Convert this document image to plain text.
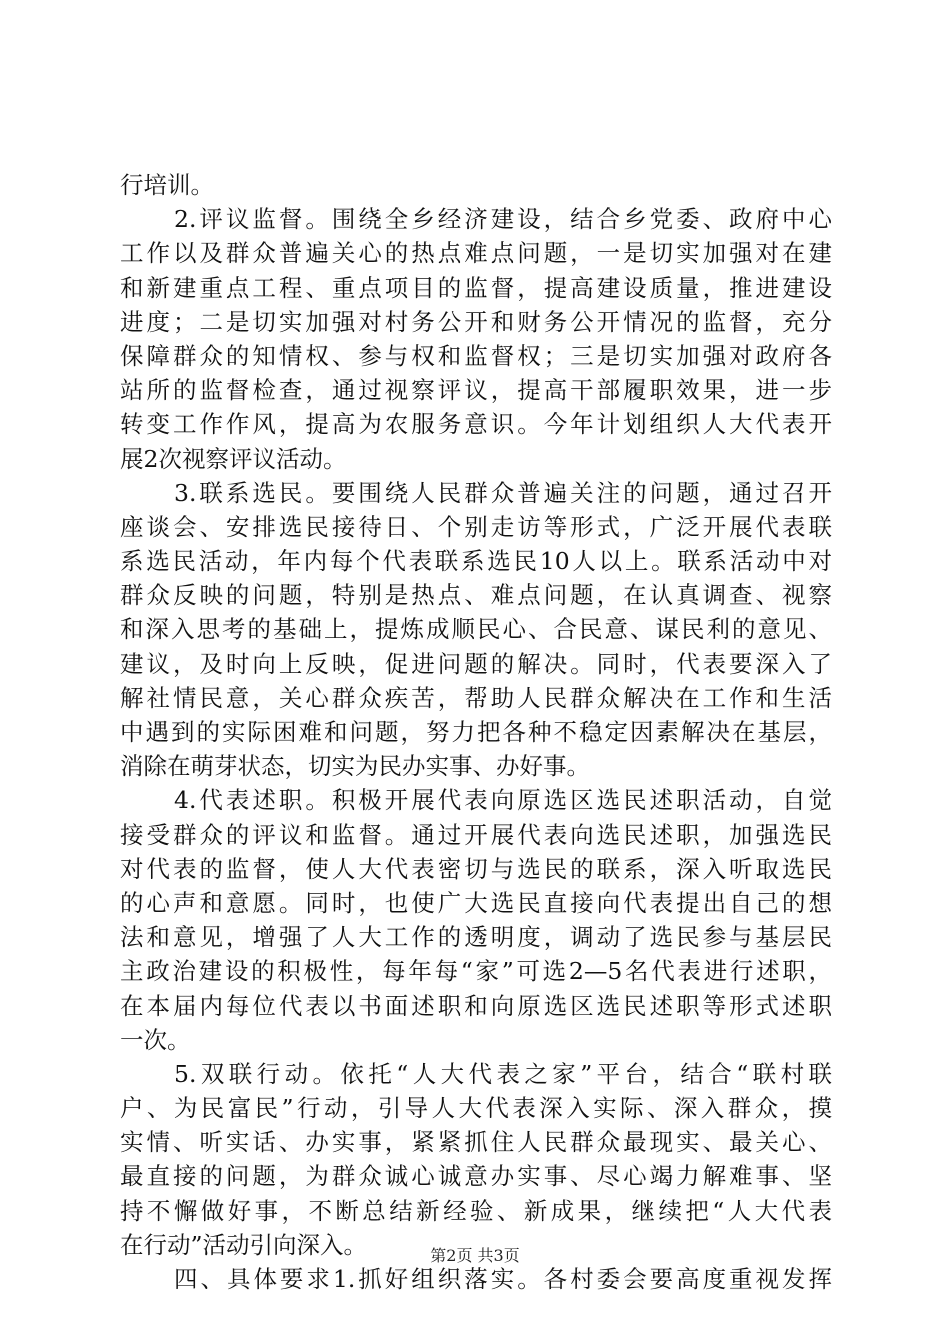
行培训。
2.评议监督。围绕全乡经济建设，结合乡党委、政府中心
工作以及群众普遍关心的热点难点问题，一是切实加强对在建
和新建重点工程、重点项目的监督，提高建设质量，推进建设
进度；二是切实加强对村务公开和财务公开情况的监督，充分
保障群众的知情权、参与权和监督权；三是切实加强对政府各
站所的监督检查，通过视察评议，提高干部履职效果，进一步
转变工作作风，提高为农服务意识。今年计划组织人大代表开
展2次视察评议活动。
3.联系选民。要围绕人民群众普遍关注的问题，通过召开
座谈会、安排选民接待日、个别走访等形式，广泛开展代表联
系选民活动，年内每个代表联系选民10人以上。联系活动中对
群众反映的问题，特别是热点、难点问题，在认真调查、视察
和深入思考的基础上，提炼成顺民心、合民意、谋民利的意见、
建议，及时向上反映，促进问题的解决。同时，代表要深入了
解社情民意，关心群众疾苦，帮助人民群众解决在工作和生活
中遇到的实际困难和问题，努力把各种不稳定因素解决在基层，
消除在萌芽状态，切实为民办实事、办好事。
4.代表述职。积极开展代表向原选区选民述职活动，自觉
接受群众的评议和监督。通过开展代表向选民述职，加强选民
对代表的监督，使人大代表密切与选民的联系，深入听取选民
的心声和意愿。同时，也使广大选民直接向代表提出自己的想
法和意见，增强了人大工作的透明度，调动了选民参与基层民
主政治建设的积极性，每年每“家”可选2—5名代表进行述职，
在本届内每位代表以书面述职和向原选区选民述职等形式述职
一次。
5.双联行动。依托“人大代表之家”平台，结合“联村联
户、为民富民”行动，引导人大代表深入实际、深入群众，摸
实情、听实话、办实事，紧紧抓住人民群众最现实、最关心、
最直接的问题，为群众诚心诚意办实事、尽心竭力解难事、坚
持不懈做好事，不断总结新经验、新成果，继续把“人大代表
在行动”活动引向深入。
四、具体要求1.抓好组织落实。各村委会要高度重视发挥
第2页 共3页
